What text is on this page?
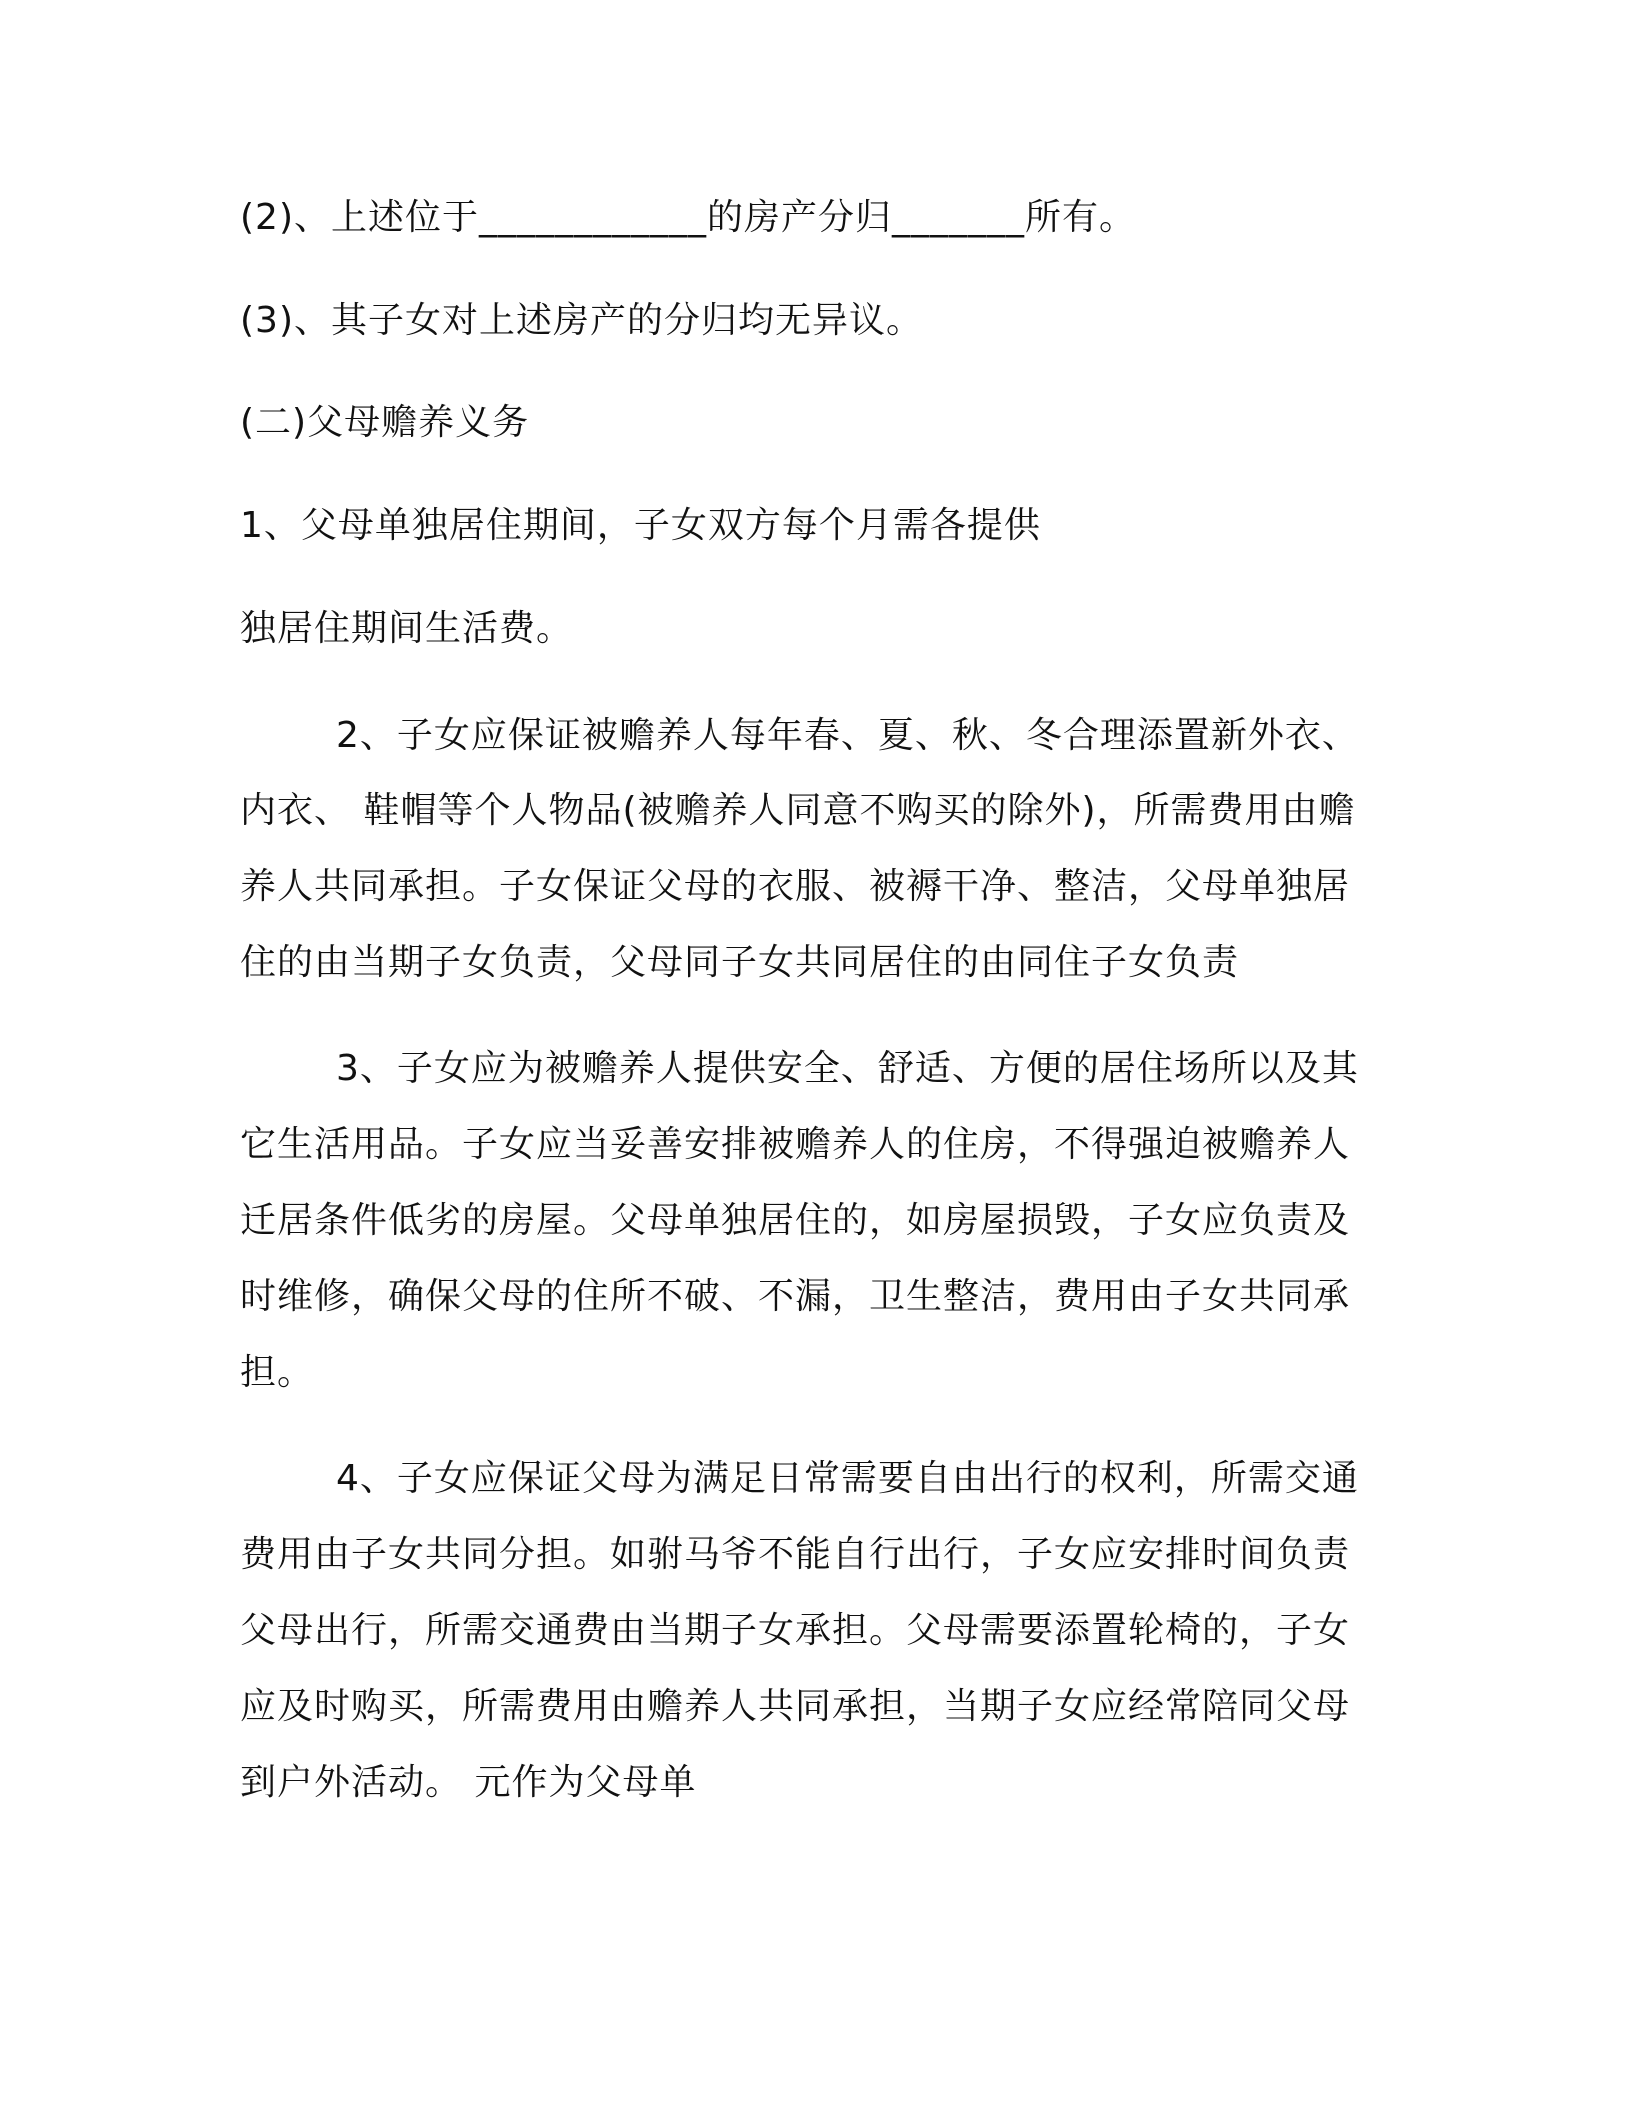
(2)、上述位于____________的房产分归_______所有。
(3)、其子女对上述房产的分归均无异议。
(二)父母赡养义务
1、父母单独居住期间，子女双方每个月需各提供
独居住期间生活费。
2、子女应保证被赡养人每年春、夏、秋、冬合理添置新外衣、
内衣、 鞋帽等个人物品(被赡养人同意不购买的除外)，所需费用由赡
养人共同承担。子女保证父母的衣服、被褥干净、整洁，父母单独居
住的由当期子女负责，父母同子女共同居住的由同住子女负责
3、子女应为被赡养人提供安全、舒适、方便的居住场所以及其
它生活用品。子女应当妥善安排被赡养人的住房，不得强迫被赡养人
迁居条件低劣的房屋。父母单独居住的，如房屋损毁，子女应负责及
时维修，确保父母的住所不破、不漏，卫生整洁，费用由子女共同承
担。
4、子女应保证父母为满足日常需要自由出行的权利，所需交通
费用由子女共同分担。如驸马爷不能自行出行，子女应安排时间负责
父母出行，所需交通费由当期子女承担。父母需要添置轮椅的，子女
应及时购买，所需费用由赡养人共同承担，当期子女应经常陪同父母
到户外活动。 元作为父母单
